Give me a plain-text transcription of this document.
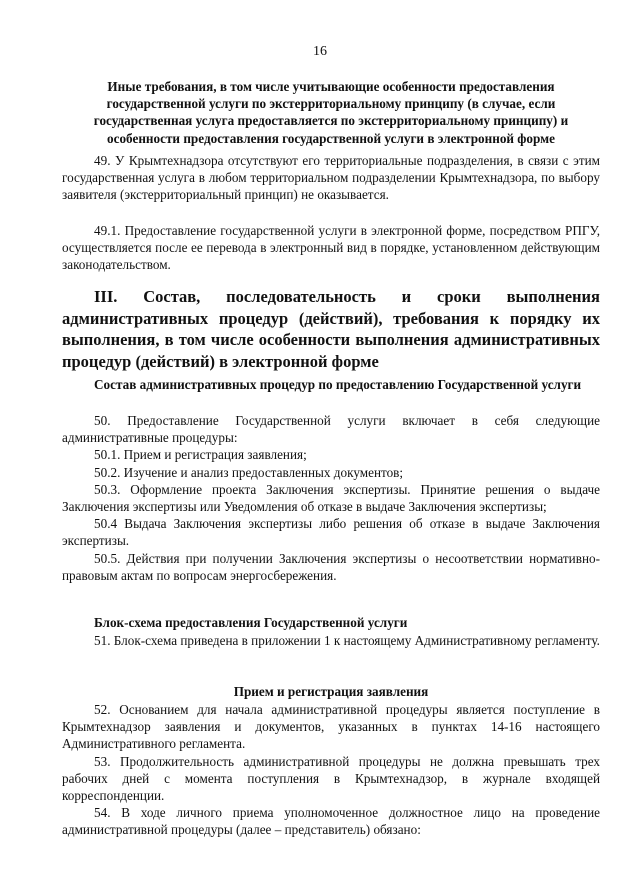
16
Иные требования, в том числе учитывающие особенности предоставления государственной услуги по экстерриториальному принципу (в случае, если государственная услуга предоставляется по экстерриториальному принципу) и особенности предоставления государственной услуги в электронной форме

49. У Крымтехнадзора отсутствуют его территориальные подразделения, в связи с этим государственная услуга в любом территориальном подразделении Крымтехнадзора, по выбору заявителя (экстерриториальный принцип) не оказывается.

49.1. Предоставление государственной услуги в электронной форме, посредством РПГУ, осуществляется после ее перевода в электронный вид в порядке, установленном действующим законодательством.

III. Состав, последовательность и сроки выполнения административных процедур (действий), требования к порядку их выполнения, в том числе особенности выполнения административных процедур (действий) в электронной форме

Состав административных процедур по предоставлению Государственной услуги

50. Предоставление Государственной услуги включает в себя следующие административные процедуры:

50.1. Прием и регистрация заявления;

50.2. Изучение и анализ предоставленных документов;

50.3. Оформление проекта Заключения экспертизы. Принятие решения о выдаче Заключения экспертизы или Уведомления об отказе в выдаче Заключения экспертизы;

50.4 Выдача Заключения экспертизы либо решения об отказе в выдаче Заключения экспертизы.

50.5. Действия при получении Заключения экспертизы о несоответствии нормативно-правовым актам по вопросам энергосбережения.

Блок-схема предоставления Государственной услуги

51. Блок-схема приведена в приложении 1 к настоящему Административному регламенту.

Прием и регистрация заявления

52. Основанием для начала административной процедуры является поступление в Крымтехнадзор заявления и документов, указанных в пунктах 14-16 настоящего Административного регламента.

53. Продолжительность административной процедуры не должна превышать трех рабочих дней с момента поступления в Крымтехнадзор, в журнале входящей корреспонденции.

54. В ходе личного приема уполномоченное должностное лицо на проведение административной процедуры (далее – представитель) обязано:
